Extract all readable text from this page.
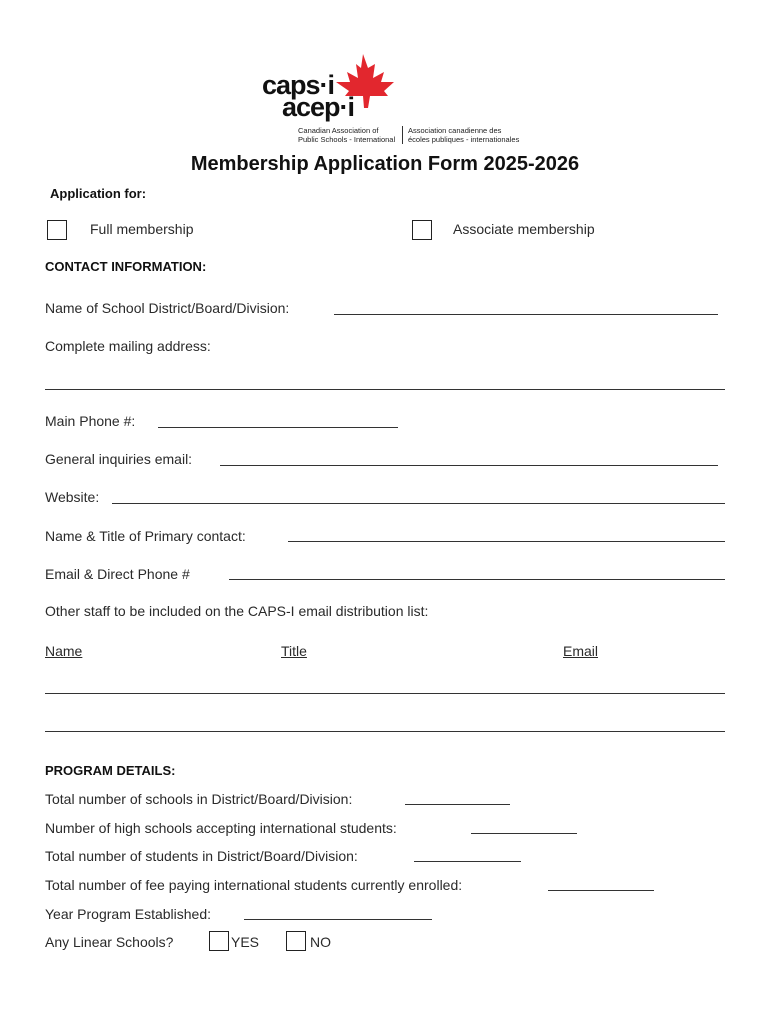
caps·i
acep·i
Canadian Association of
Public Schools - International
Association canadienne des
écoles publiques - internationales
Membership Application Form 2025-2026
Application for:
Full membership	Associate membership
CONTACT INFORMATION:
Name of School District/Board/Division:
Complete mailing address:
Main Phone #:
General inquiries email:
Website:
Name & Title of Primary contact:
Email & Direct Phone #
Other staff to be included on the CAPS-I email distribution list:
Name	Title	Email
PROGRAM DETAILS:
Total number of schools in District/Board/Division:
Number of high schools accepting international students:
Total number of students in District/Board/Division:
Total number of fee paying international students currently enrolled:
Year Program Established:
Any Linear Schools?	YES	NO
